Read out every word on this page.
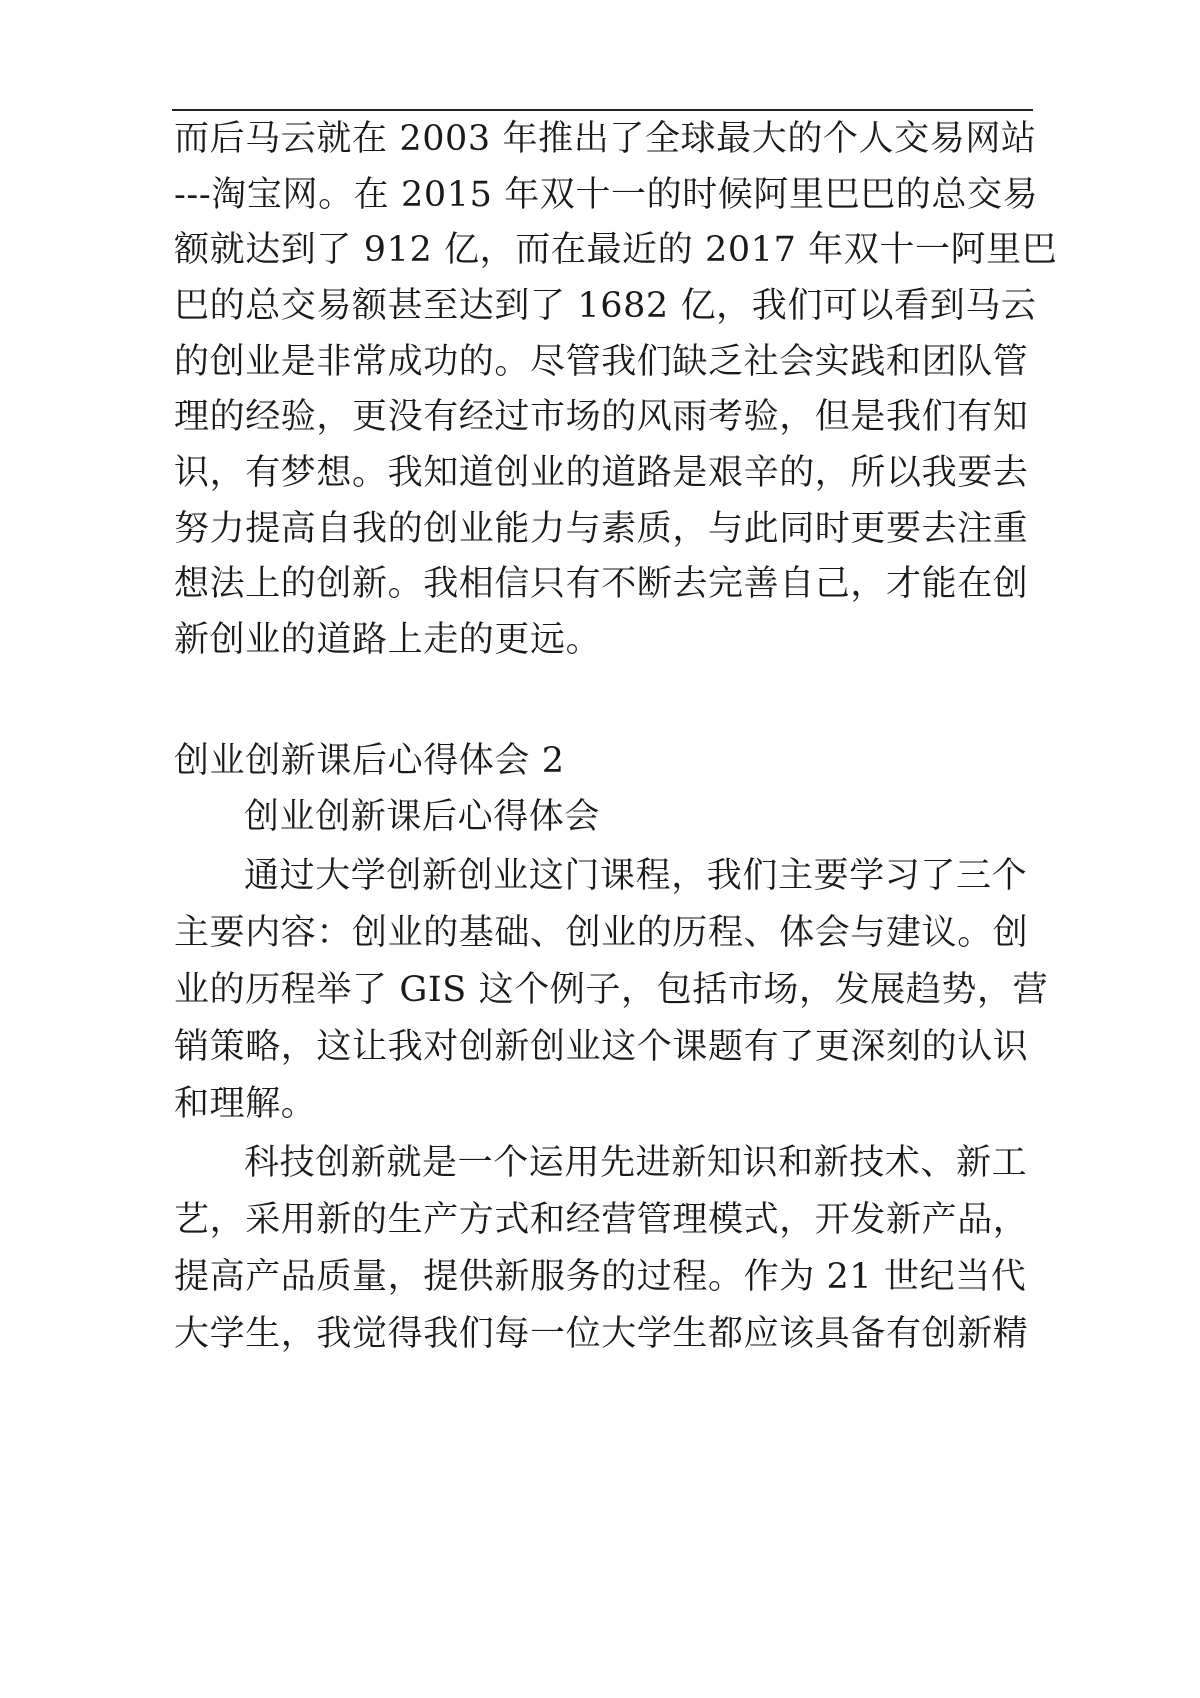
而后马云就在 2003 年推出了全球最大的个人交易网站
---淘宝网。在 2015 年双十一的时候阿里巴巴的总交易
额就达到了 912 亿，而在最近的 2017 年双十一阿里巴
巴的总交易额甚至达到了 1682 亿，我们可以看到马云
的创业是非常成功的。尽管我们缺乏社会实践和团队管
理的经验，更没有经过市场的风雨考验，但是我们有知
识，有梦想。我知道创业的道路是艰辛的，所以我要去
努力提高自我的创业能力与素质，与此同时更要去注重
想法上的创新。我相信只有不断去完善自己，才能在创
新创业的道路上走的更远。
创业创新课后心得体会 2
创业创新课后心得体会
通过大学创新创业这门课程，我们主要学习了三个
主要内容：创业的基础、创业的历程、体会与建议。创
业的历程举了 GIS 这个例子，包括市场，发展趋势，营
销策略，这让我对创新创业这个课题有了更深刻的认识
和理解。
科技创新就是一个运用先进新知识和新技术、新工
艺，采用新的生产方式和经营管理模式，开发新产品，
提高产品质量，提供新服务的过程。作为 21 世纪当代
大学生，我觉得我们每一位大学生都应该具备有创新精
